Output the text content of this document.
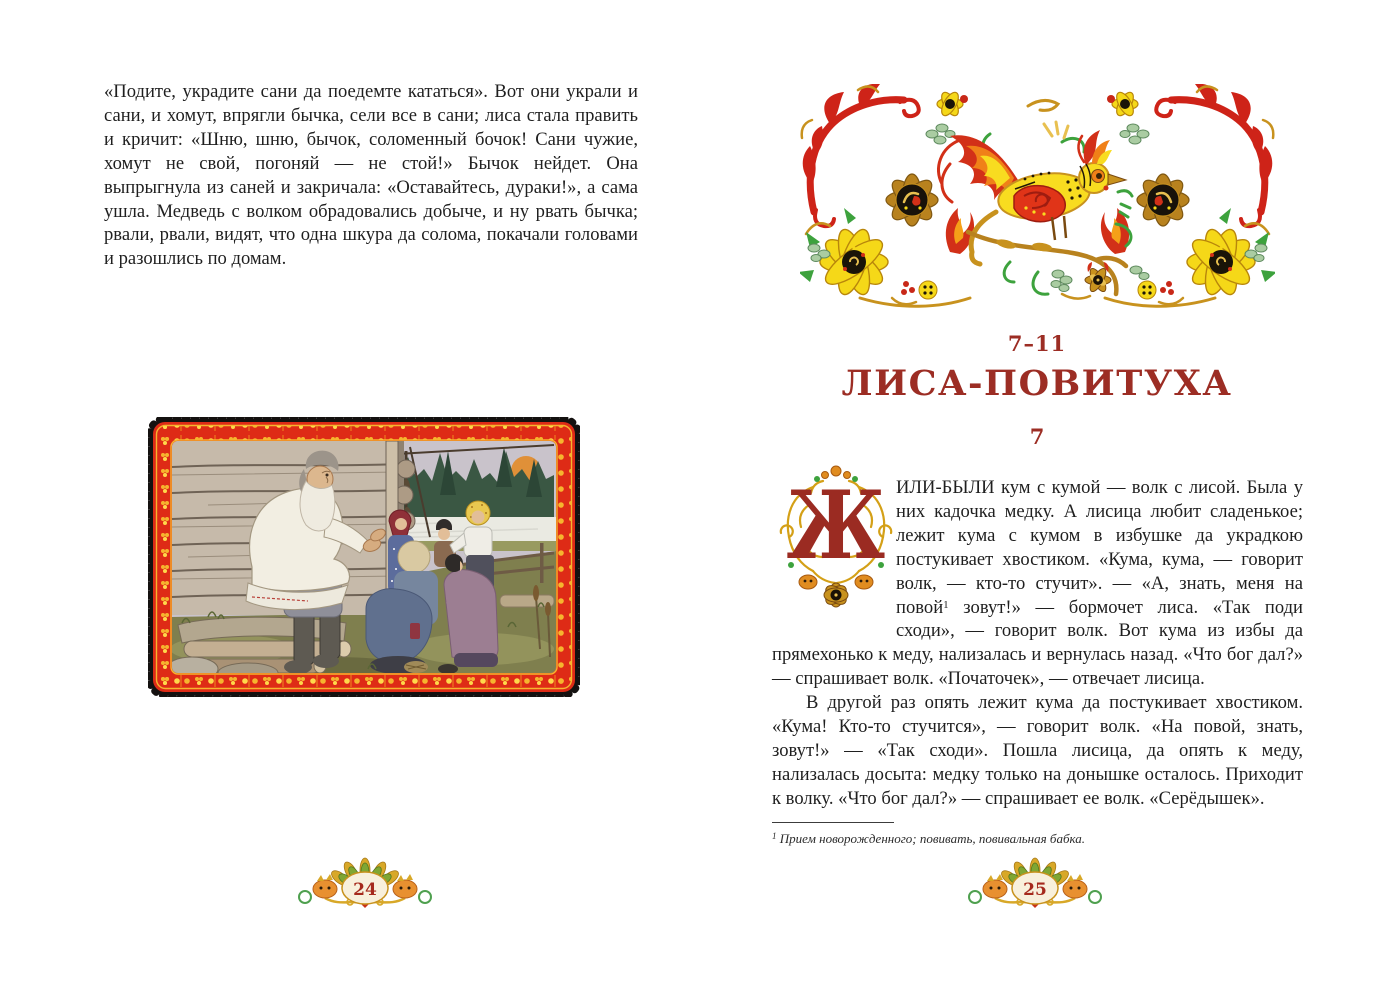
«Подите, украдите сани да поедемте кататься». Вот они украли и сани, и хомут, впрягли бычка, сели все в сани; лиса стала править и кричит: «Шню, шню, бычок, соломенный бочок! Сани чужие, хомут не свой, погоняй — не стой!» Бычок нейдет. Она выпрыгнула из саней и закричала: «Оставайтесь, дураки!», а сама ушла. Медведь с волком обрадовались добыче, и ну рвать бычка; рвали, рвали, видят, что одна шкура да солома, покачали головами и разошлись по домам.

24
7–11
ЛИСА-ПОВИТУХА
7
Ж ИЛИ-БЫЛИ кум с кумой — волк с лисой. Была у них кадочка медку. А лисица любит сладенькое; лежит кума с кумом в избушке да украдкою постукивает хвостиком. «Кума, кума, — говорит волк, — кто-то стучит». — «А, знать, меня на повой$^1$ зовут!» — бормочет лиса. «Так поди сходи», — говорит волк. Вот кума из избы да прямехонько к меду, нализалась и вернулась назад. «Что бог дал?» — спрашивает волк. «Початочек», — отвечает лисица.

В другой раз опять лежит кума да постукивает хвостиком. «Кума! Кто-то стучится», — говорит волк. «На повой, знать, зовут!» — «Так сходи». Пошла лисица, да опять к меду, нализалась досыта: медку только на донышке осталось. Приходит к волку. «Что бог дал?» — спрашивает ее волк. «Серёдышек».

$^1$ Прием новорожденного; повивать, повивальная бабка.

25
